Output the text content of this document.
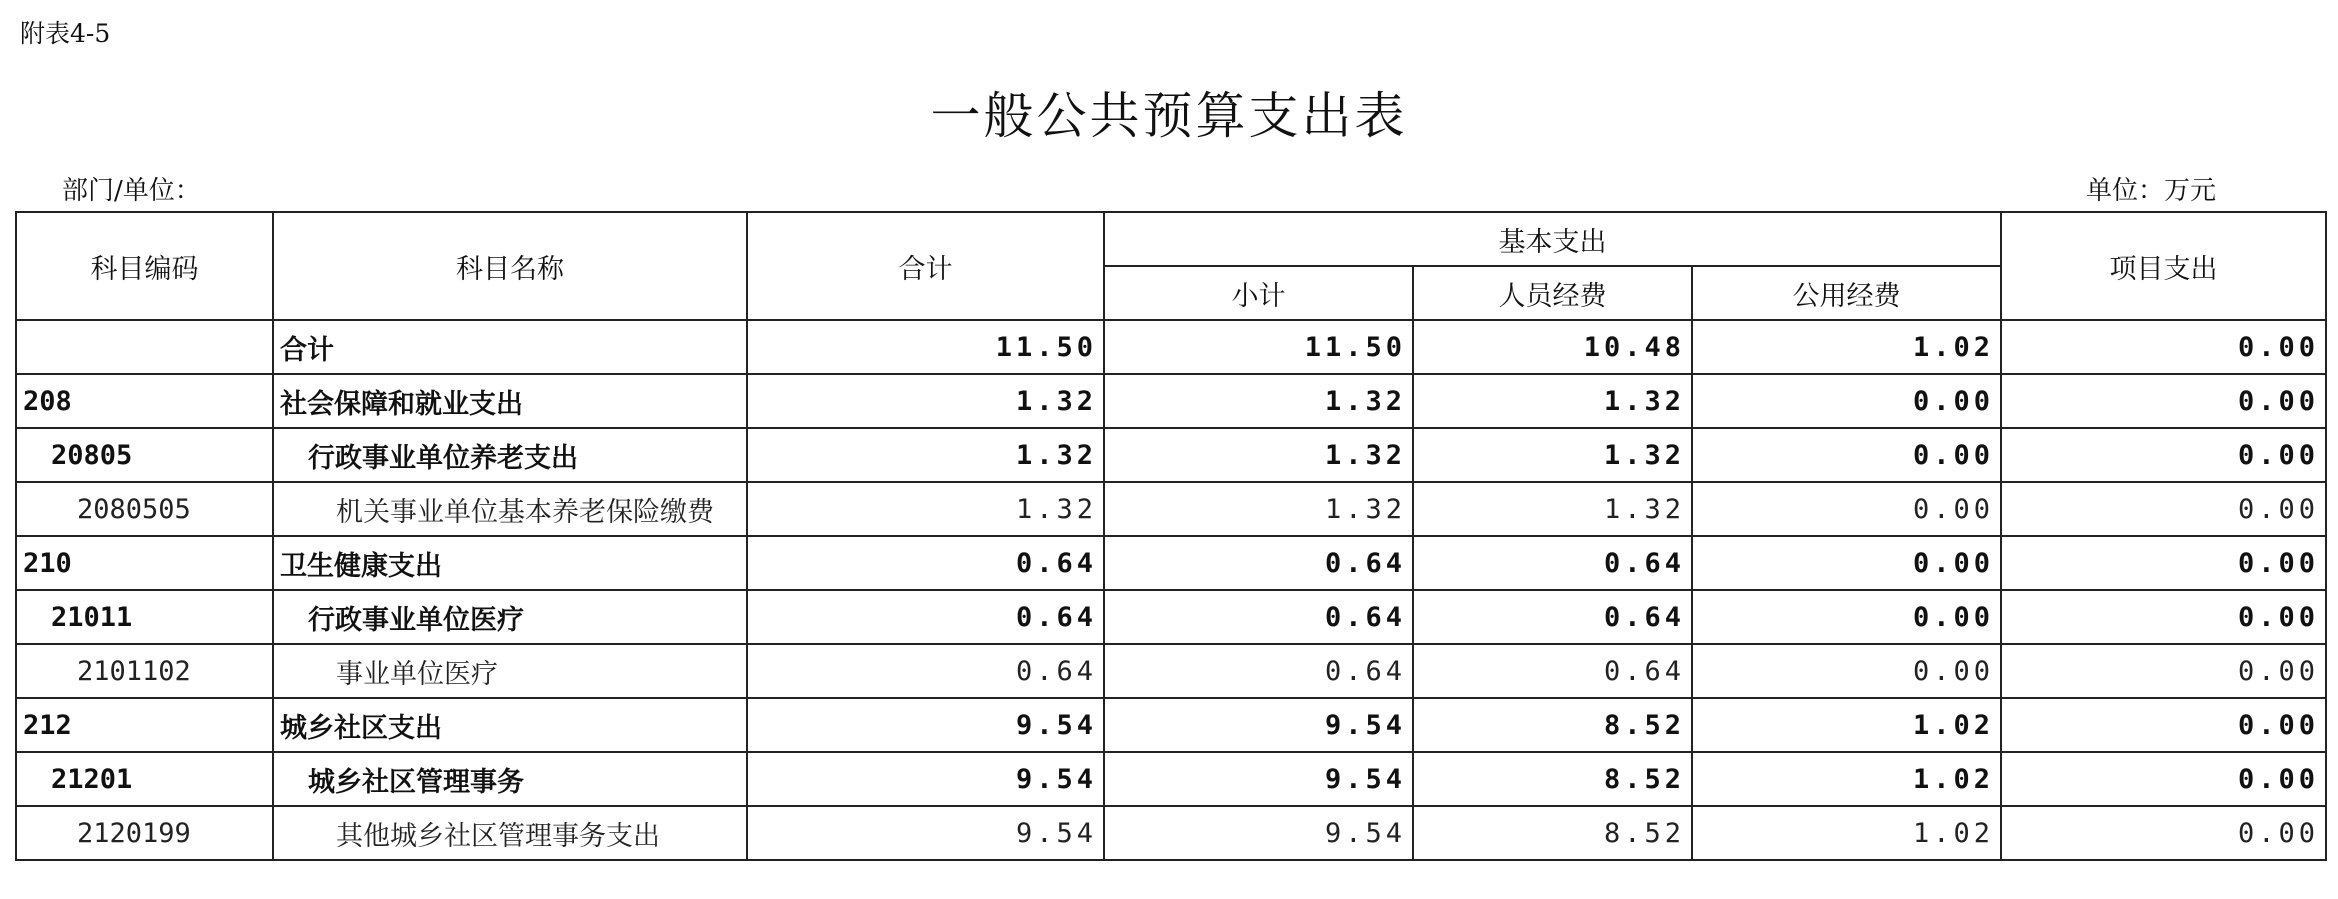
附表4-5
一般公共预算支出表
部门/单位：	单位：万元
科目编码	科目名称	合计	基本支出			项目支出
			小计	人员经费	公用经费	
	合计	11.50	11.50	10.48	1.02	0.00
208	社会保障和就业支出	1.32	1.32	1.32	0.00	0.00
20805	行政事业单位养老支出	1.32	1.32	1.32	0.00	0.00
2080505	机关事业单位基本养老保险缴费	1.32	1.32	1.32	0.00	0.00
210	卫生健康支出	0.64	0.64	0.64	0.00	0.00
21011	行政事业单位医疗	0.64	0.64	0.64	0.00	0.00
2101102	事业单位医疗	0.64	0.64	0.64	0.00	0.00
212	城乡社区支出	9.54	9.54	8.52	1.02	0.00
21201	城乡社区管理事务	9.54	9.54	8.52	1.02	0.00
2120199	其他城乡社区管理事务支出	9.54	9.54	8.52	1.02	0.00
